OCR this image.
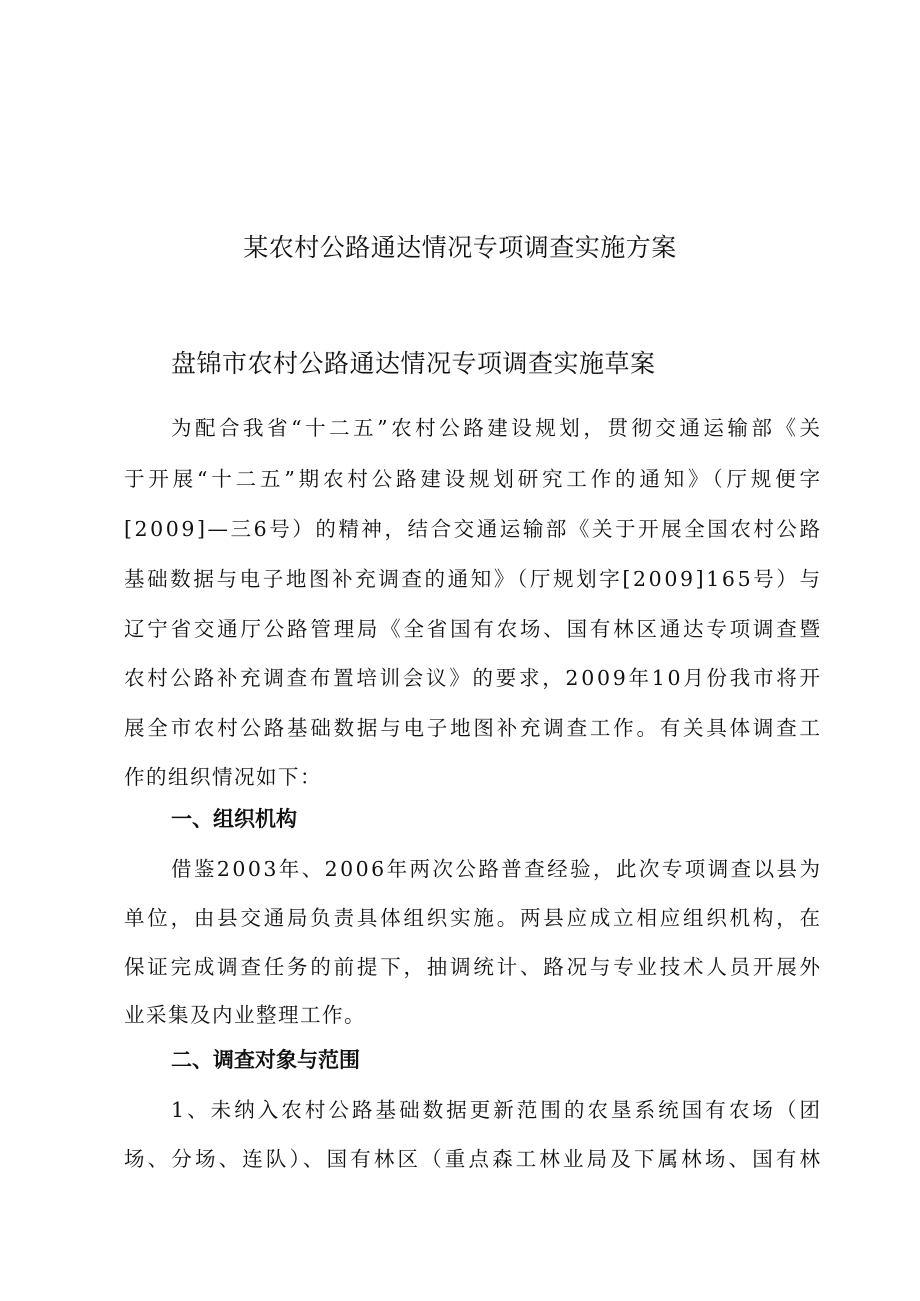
某农村公路通达情况专项调查实施方案
盘锦市农村公路通达情况专项调查实施草案
为配合我省“十二五”农村公路建设规划，贯彻交通运输部《关
于开展“十二五”期农村公路建设规划研究工作的通知》（厅规便字
[2009]—三6号）的精神，结合交通运输部《关于开展全国农村公路
基础数据与电子地图补充调查的通知》（厅规划字[2009]165号）与
辽宁省交通厅公路管理局《全省国有农场、国有林区通达专项调查暨
农村公路补充调查布置培训会议》的要求，2009年10月份我市将开
展全市农村公路基础数据与电子地图补充调查工作。有关具体调查工
作的组织情况如下：
一、组织机构
借鉴2003年、2006年两次公路普查经验，此次专项调查以县为
单位，由县交通局负责具体组织实施。两县应成立相应组织机构，在
保证完成调查任务的前提下，抽调统计、路况与专业技术人员开展外
业采集及内业整理工作。
二、调查对象与范围
1、未纳入农村公路基础数据更新范围的农垦系统国有农场（团
场、分场、连队）、国有林区（重点森工林业局及下属林场、国有林
